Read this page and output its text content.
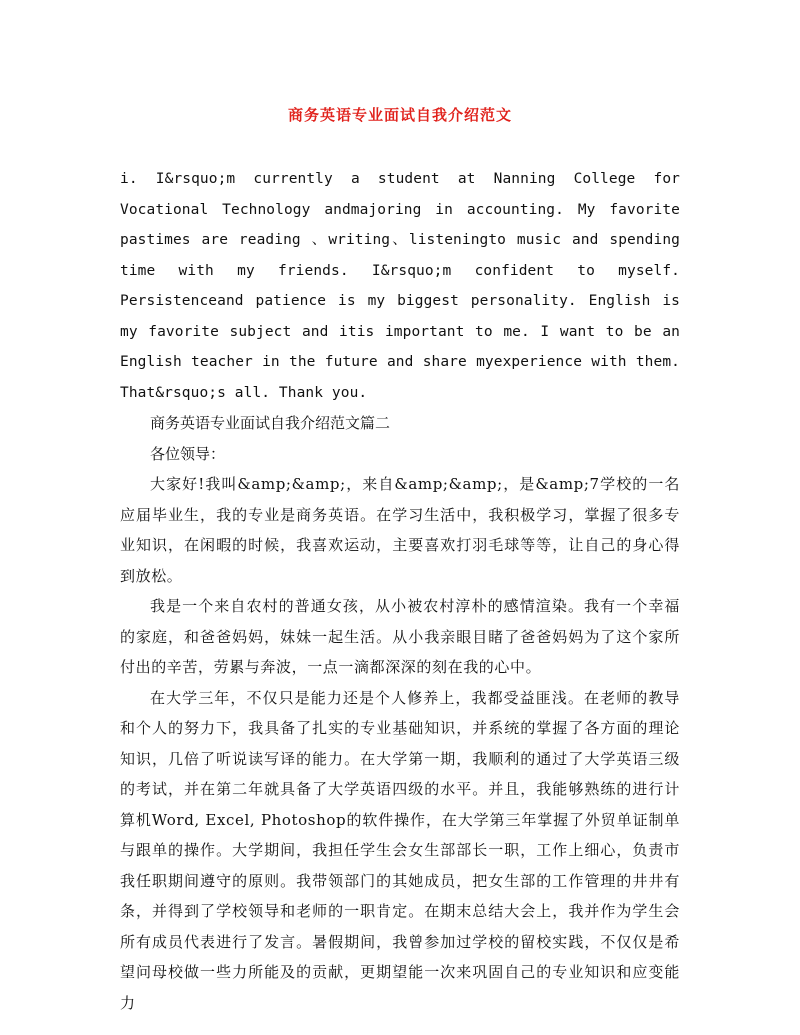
商务英语专业面试自我介绍范文

i. I&rsquo;m currently a student at Nanning College for Vocational Technology andmajoring in accounting. My favorite pastimes are reading 、writing、listeningto music and spending time with my friends. I&rsquo;m confident to myself. Persistenceand patience is my biggest personality. English is my favorite subject and itis important to me. I want to be an English teacher in the future and share myexperience with them. That&rsquo;s all. Thank you.

商务英语专业面试自我介绍范文篇二

各位领导：

大家好!我叫&amp;&amp;，来自&amp;&amp;，是&amp;7学校的一名应届毕业生，我的专业是商务英语。在学习生活中，我积极学习，掌握了很多专业知识，在闲暇的时候，我喜欢运动，主要喜欢打羽毛球等等，让自己的身心得到放松。

我是一个来自农村的普通女孩，从小被农村淳朴的感情渲染。我有一个幸福的家庭，和爸爸妈妈，妹妹一起生活。从小我亲眼目睹了爸爸妈妈为了这个家所付出的辛苦，劳累与奔波，一点一滴都深深的刻在我的心中。

在大学三年，不仅只是能力还是个人修养上，我都受益匪浅。在老师的教导和个人的努力下，我具备了扎实的专业基础知识，并系统的掌握了各方面的理论知识，几倍了听说读写译的能力。在大学第一期，我顺利的通过了大学英语三级的考试，并在第二年就具备了大学英语四级的水平。并且，我能够熟练的进行计算机Word, Excel, Photoshop的软件操作，在大学第三年掌握了外贸单证制单与跟单的操作。大学期间，我担任学生会女生部部长一职，工作上细心，负责市我任职期间遵守的原则。我带领部门的其她成员，把女生部的工作管理的井井有条，并得到了学校领导和老师的一职肯定。在期末总结大会上，我并作为学生会所有成员代表进行了发言。暑假期间，我曾参加过学校的留校实践，不仅仅是希望问母校做一些力所能及的贡献，更期望能一次来巩固自己的专业知识和应变能力
